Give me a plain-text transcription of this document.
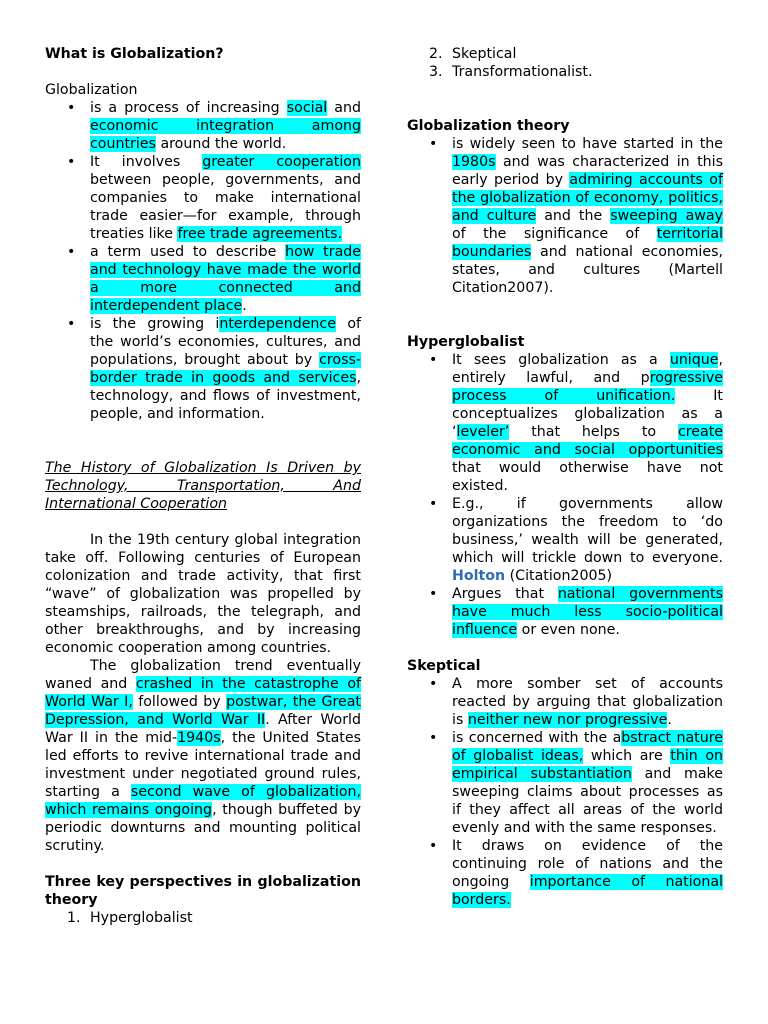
What is Globalization?
Globalization
• is a process of increasing social and economic integration among countries around the world.
• It involves greater cooperation between people, governments, and companies to make international trade easier—for example, through treaties like free trade agreements.
• a term used to describe how trade and technology have made the world a more connected and interdependent place.
• is the growing interdependence of the world’s economies, cultures, and populations, brought about by cross-border trade in goods and services, technology, and flows of investment, people, and information.
The History of Globalization Is Driven by Technology, Transportation, And International Cooperation
In the 19th century global integration take off. Following centuries of European colonization and trade activity, that first “wave” of globalization was propelled by steamships, railroads, the telegraph, and other breakthroughs, and by increasing economic cooperation among countries.
The globalization trend eventually waned and crashed in the catastrophe of World War I, followed by postwar, the Great Depression, and World War II. After World War II in the mid-1940s, the United States led efforts to revive international trade and investment under negotiated ground rules, starting a second wave of globalization, which remains ongoing, though buffeted by periodic downturns and mounting political scrutiny.
Three key perspectives in globalization theory
1. Hyperglobalist
2. Skeptical
3. Transformationalist.
Globalization theory
• is widely seen to have started in the 1980s and was characterized in this early period by admiring accounts of the globalization of economy, politics, and culture and the sweeping away of the significance of territorial boundaries and national economies, states, and cultures (Martell Citation2007).
Hyperglobalist
• It sees globalization as a unique, entirely lawful, and progressive process of unification. It conceptualizes globalization as a ‘leveler’ that helps to create economic and social opportunities that would otherwise have not existed.
• E.g., if governments allow organizations the freedom to ‘do business,’ wealth will be generated, which will trickle down to everyone. Holton (Citation2005)
• Argues that national governments have much less socio-political influence or even none.
Skeptical
• A more somber set of accounts reacted by arguing that globalization is neither new nor progressive.
• is concerned with the abstract nature of globalist ideas, which are thin on empirical substantiation and make sweeping claims about processes as if they affect all areas of the world evenly and with the same responses.
• It draws on evidence of the continuing role of nations and the ongoing importance of national borders.
